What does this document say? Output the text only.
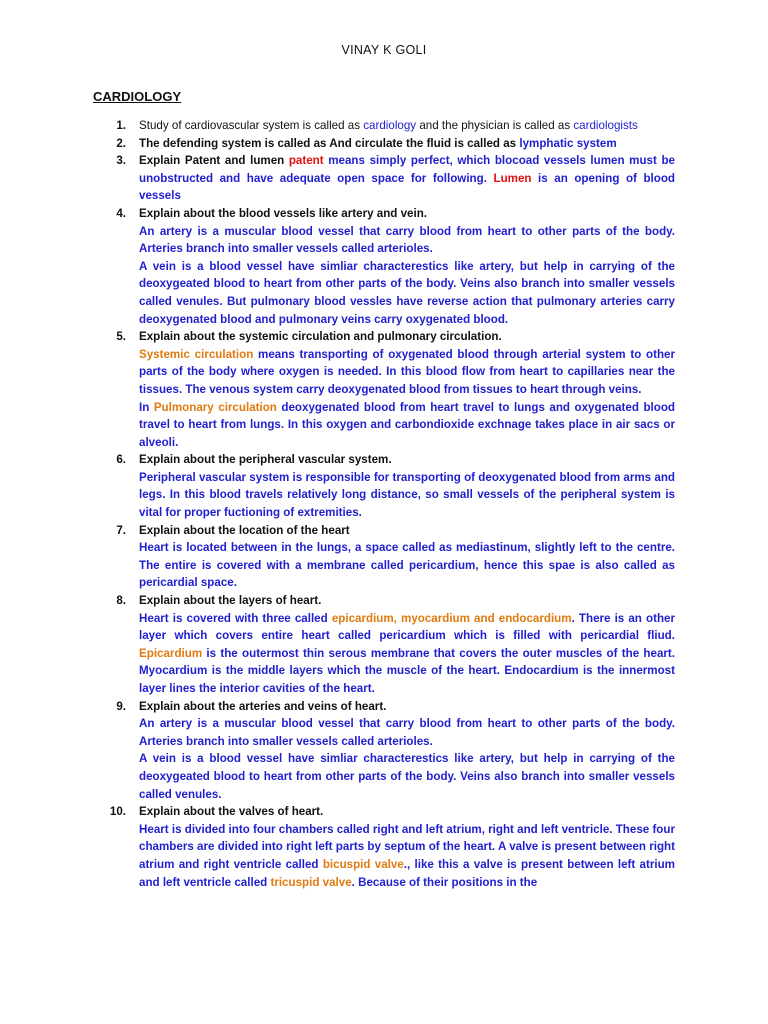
VINAY K GOLI
CARDIOLOGY
1. Study of cardiovascular system is called as cardiology and the physician is called as cardiologists
2. The defending system is called as And circulate the fluid is called as lymphatic system
3. Explain Patent and lumen patent means simply perfect, which blocoad vessels lumen must be unobstructed and have adequate open space for following. Lumen is an opening of blood vessels
4. Explain about the blood vessels like artery and vein.
An artery is a muscular blood vessel that carry blood from heart to other parts of the body. Arteries branch into smaller vessels called arterioles.
A vein is a blood vessel have simliar characterestics like artery, but help in carrying of the deoxygeated blood to heart from other parts of the body. Veins also branch into smaller vessels called venules. But pulmonary blood vessles have reverse action that pulmonary arteries carry deoxygenated blood and pulmonary veins carry oxygenated blood.
5. Explain about the systemic circulation and pulmonary circulation.
Systemic circulation means transporting of oxygenated blood through arterial system to other parts of the body where oxygen is needed. In this blood flow from heart to capillaries near the tissues. The venous system carry deoxygenated blood from tissues to heart through veins.
In Pulmonary circulation deoxygenated blood from heart travel to lungs and oxygenated blood travel to heart from lungs. In this oxygen and carbondioxide exchnage takes place in air sacs or alveoli.
6. Explain about the peripheral vascular system.
Peripheral vascular system is responsible for transporting of deoxygenated blood from arms and legs. In this blood travels relatively long distance, so small vessels of the peripheral system is vital for proper fuctioning of extremities.
7. Explain about the location of the heart
Heart is located between in the lungs, a space called as mediastinum, slightly left to the centre. The entire is covered with a membrane called pericardium, hence this spae is also called as pericardial space.
8. Explain about the layers of heart.
Heart is covered with three called epicardium, myocardium and endocardium. There is an other layer which covers entire heart called pericardium which is filled with pericardial fliud. Epicardium is the outermost thin serous membrane that covers the outer muscles of the heart. Myocardium is the middle layers which the muscle of the heart. Endocardium is the innermost layer lines the interior cavities of the heart.
9. Explain about the arteries and veins of heart.
An artery is a muscular blood vessel that carry blood from heart to other parts of the body. Arteries branch into smaller vessels called arterioles.
A vein is a blood vessel have simliar characterestics like artery, but help in carrying of the deoxygeated blood to heart from other parts of the body. Veins also branch into smaller vessels called venules.
10. Explain about the valves of heart.
Heart is divided into four chambers called right and left atrium, right and left ventricle. These four chambers are divided into right left parts by septum of the heart. A valve is present between right atrium and right ventricle called bicuspid valve., like this a valve is present between left atrium and left ventricle called tricuspid valve. Because of their positions in the
